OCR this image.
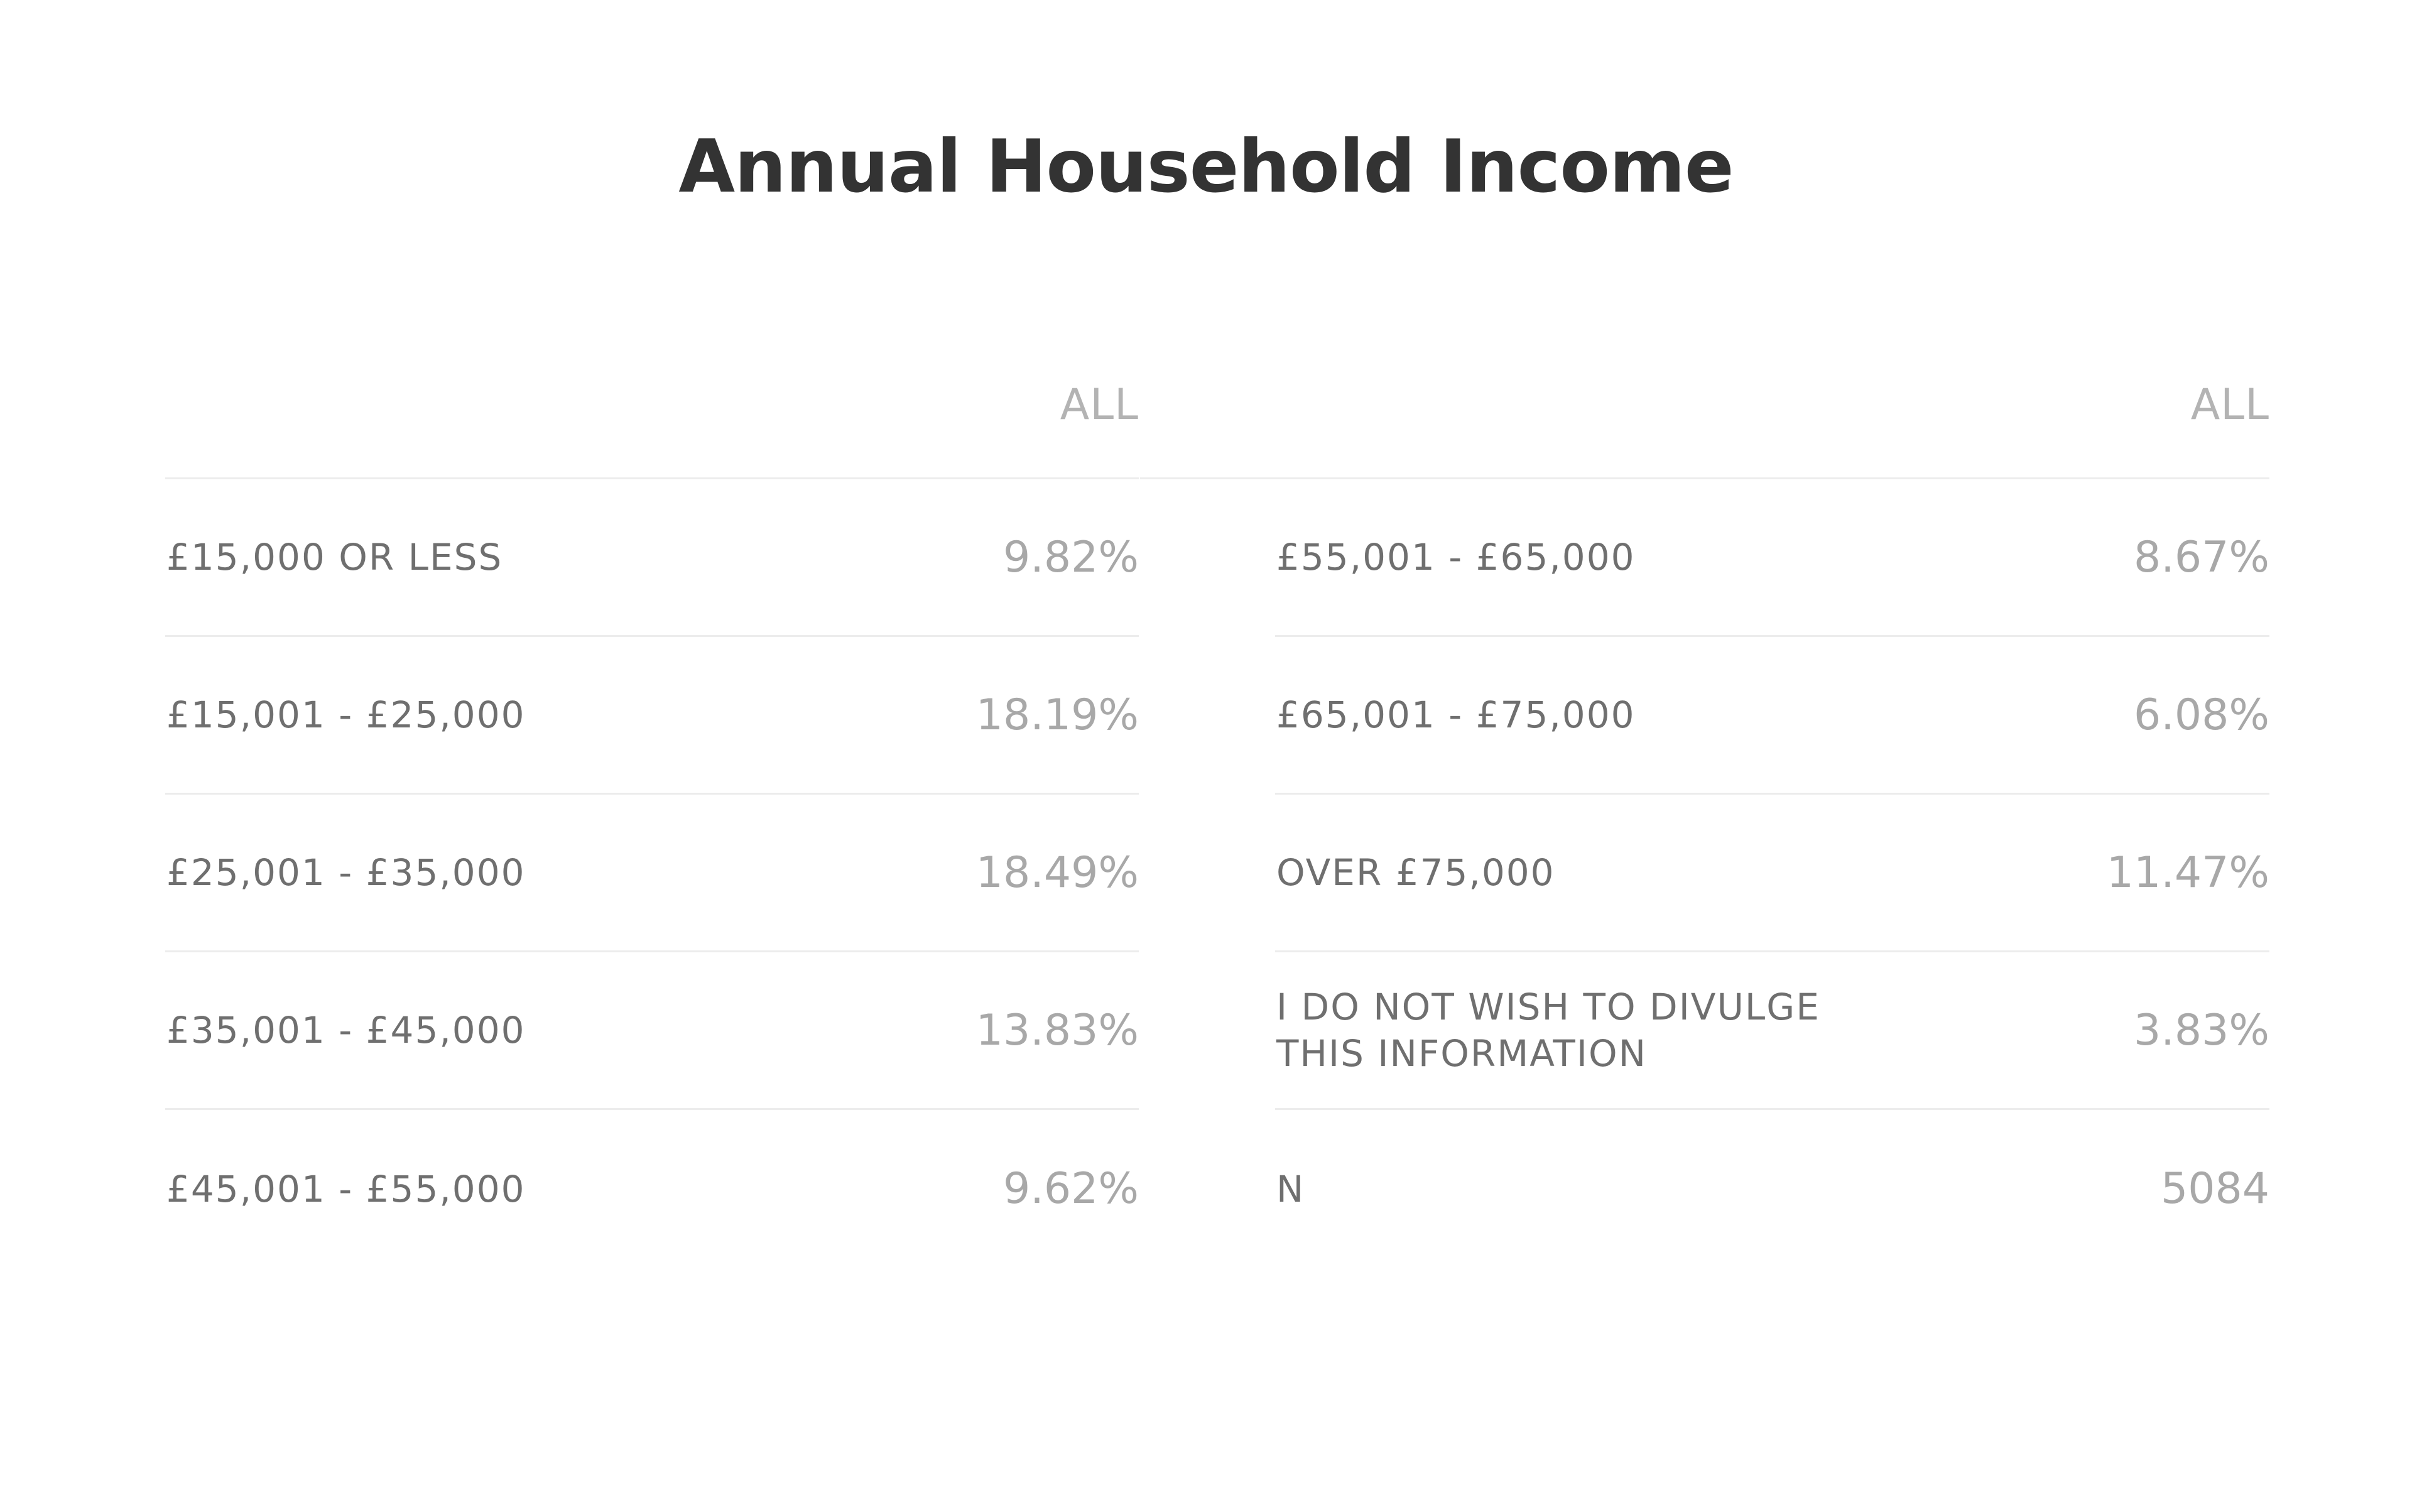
Annual Household Income
ALL
£15,000 OR LESS	9.82%
£15,001 - £25,000	18.19%
£25,001 - £35,000	18.49%
£35,001 - £45,000	13.83%
£45,001 - £55,000	9.62%
ALL
£55,001 - £65,000	8.67%
£65,001 - £75,000	6.08%
OVER £75,000	11.47%
I DO NOT WISH TO DIVULGE THIS INFORMATION	3.83%
N	5084
